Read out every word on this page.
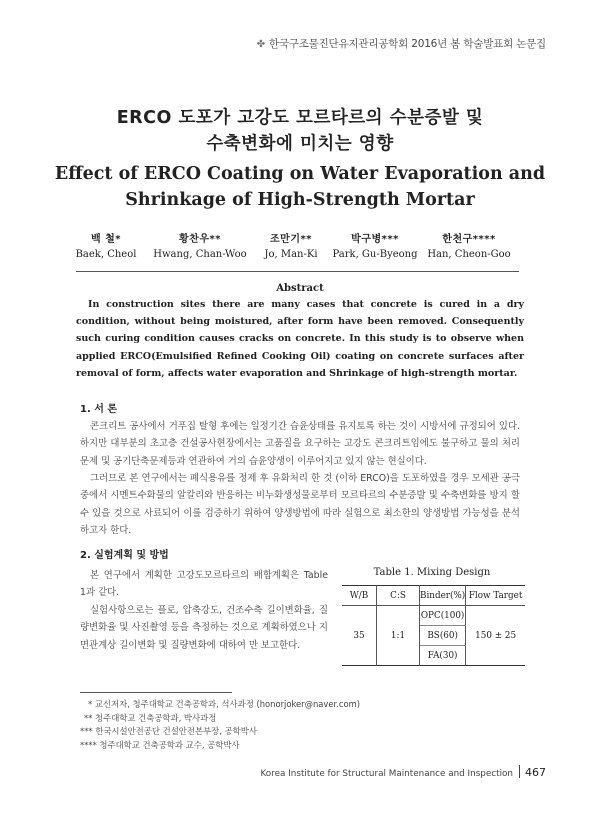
✤ 한국구조물진단유지관리공학회 2016년 봄 학술발표회 논문집
ERCO 도포가 고강도 모르타르의 수분증발 및
수축변화에 미치는 영향
Effect of ERCO Coating on Water Evaporation and
Shrinkage of High-Strength Mortar
백 철*
Baek, Cheol
황찬우**
Hwang, Chan-Woo
조만기**
Jo, Man-Ki
박구병***
Park, Gu-Byeong
한천구****
Han, Cheon-Goo
Abstract
In construction sites there are many cases that concrete is cured in a dry condition, without being moistured, after form have been removed. Consequently such curing condition causes cracks on concrete. In this study is to observe when applied ERCO(Emulsified Refined Cooking Oil) coating on concrete surfaces after removal of form, affects water evaporation and Shrinkage of high-strength mortar.
1. 서 론
콘크리트 공사에서 거푸집 탈형 후에는 일정기간 습윤상태를 유지토록 하는 것이 시방서에 규정되어 있다. 하지만 대부분의 초고층 건설공사현장에서는 고품질을 요구하는 고강도 콘크리트임에도 불구하고 물의 처리 문제 및 공기단축문제등과 연관하여 거의 습윤양생이 이루어지고 있지 않는 현실이다.
그러므로 본 연구에서는 폐식용유를 정제 후 유화처리 한 것 (이하 ERCO)을 도포하였을 경우 모세관 공극중에서 시멘트수화물의 알칼리와 반응하는 비누화생성물로부터 모르타르의 수분증발 및 수축변화를 방지 할 수 있을 것으로 사료되어 이를 검증하기 위하여 양생방법에 따라 실험으로 최소한의 양생방법 가능성을 분석 하고자 한다.
2. 실험계획 및 방법

본 연구에서 계획한 고강도모르타르의 배합계획은 Table 1과 같다.

실험사항으로는 플로, 압축강도, 건조수축 길이변화율, 질량변화율 및 사진촬영 등을 측정하는 것으로 계획하였으나 지면관계상 길이변화 및 질량변화에 대하여 만 보고한다.

Table 1. Mixing Design
W/B	C:S	Binder(%)	Flow Target
35	1:1	OPC(100)	150 ± 25
		BS(60)	
		FA(30)	
* 교신저자, 청주대학교 건축공학과, 석사과정 (honorjoker@naver.com)
** 청주대학교 건축공학과, 박사과정
*** 한국시설안전공단 건설안전본부장, 공학박사
**** 청주대학교 건축공학과 교수, 공학박사
Korea Institute for Structural Maintenance and Inspection 467
